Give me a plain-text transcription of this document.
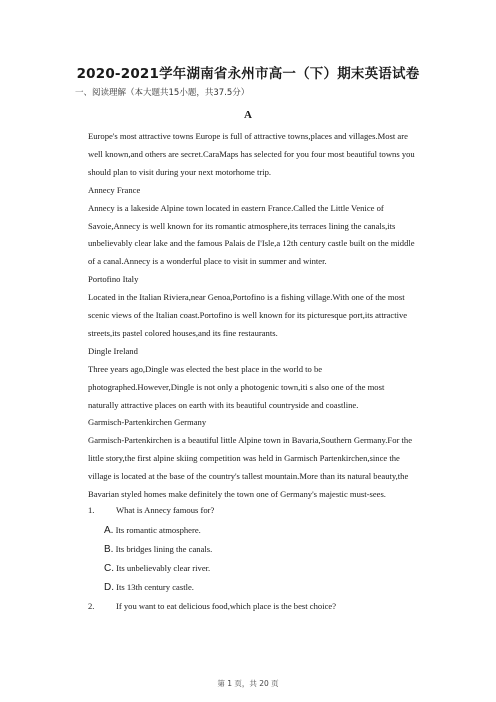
2020-2021学年湖南省永州市高一（下）期末英语试卷
一、阅读理解（本大题共15小题，共37.5分）
A
Europe's most attractive towns Europe is full of attractive towns,places and villages.Most are
well known,and others are secret.CaraMaps has selected for you four most beautiful towns you
should plan to visit during your next motorhome trip.
Annecy France
Annecy is a lakeside Alpine town located in eastern France.Called the Little Venice of
Savoie,Annecy is well known for its romantic atmosphere,its terraces lining the canals,its
unbelievably clear lake and the famous Palais de I'Isle,a 12th century castle built on the middle
of a canal.Annecy is a wonderful place to visit in summer and winter.
Portofino Italy
Located in the Italian Riviera,near Genoa,Portofino is a fishing village.With one of the most
scenic views of the Italian coast.Portofino is well known for its picturesque port,its attractive
streets,its pastel colored houses,and its fine restaurants.
Dingle Ireland
Three years ago,Dingle was elected the best place in the world to be
photographed.However,Dingle is not only a photogenic town,iti s also one of the most
naturally attractive places on earth with its beautiful countryside and coastline.
Garmisch-Partenkirchen Germany
Garmisch-Partenkirchen is a beautiful little Alpine town in Bavaria,Southern Germany.For the
little story,the first alpine skiing competition was held in Garmisch Partenkirchen,since the
village is located at the base of the country's tallest mountain.More than its natural beauty,the
Bavarian styled homes make definitely the town one of Germany's majestic must-sees.
1.	What is Annecy famous for?
A. Its romantic atmosphere.
B. Its bridges lining the canals.
C. Its unbelievably clear river.
D. Its 13th century castle.
2.	If you want to eat delicious food,which place is the best choice?
第 1 页，共 20 页
